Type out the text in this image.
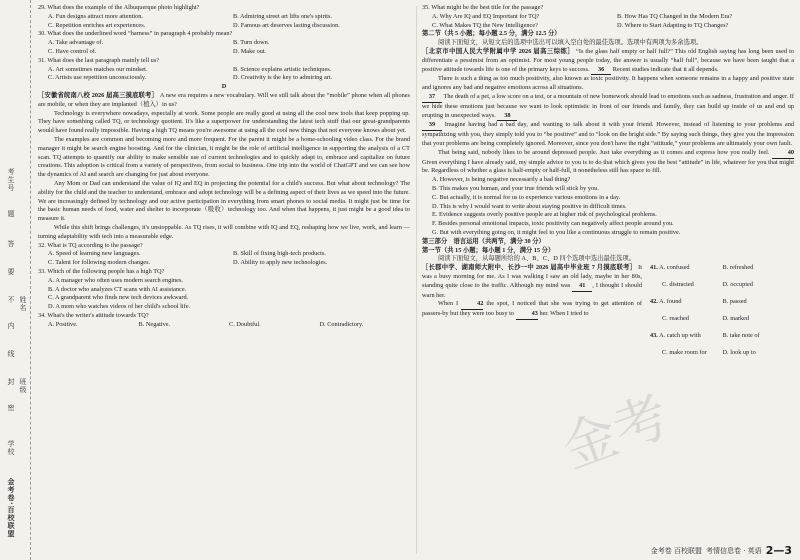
考生号
题
答
要
不
内
线
封
密
姓名
班级
学校
金考卷·百校联盟

29. What does the example of the Albuquerque photo highlight?

A. Fun designs attract more attention.	B. Admiring street art lifts one's spirits.
C. Repetition enriches art experiences.	D. Famous art deserves lasting discussion.

30. What does the underlined word “harness” in paragraph 4 probably mean?

A. Take advantage of.	B. Turn down.
C. Have control of.	D. Make out.

31. What does the last paragraph mainly tell us?

A. Art sometimes matches our mindset.	B. Science explains artistic techniques.
C. Artists use repetition unconsciously.	D. Creativity is the key to admiring art.
D

［安徽省皖南八校 2026 届高三摸底联考］ A new era requires a new vocabulary. Will we still talk about the “mobile” phone when all phones are mobile, or when they are implanted（植入）in us?

Technology is everywhere nowadays, especially at work. Some people are really good at using all the cool new tools that keep popping up. They have something called TQ, or technology quotient. It's like a superpower for understanding the latest tech stuff that our great-grandparents would have found really impossible. Having a high TQ means you're awesome at using all the cool new things that not everyone knows about yet.

The examples are common and becoming more and more frequent. For the parent it might be a home-schooling video class. For the brand manager it might be search engine boosting. And for the clinician, it might be the role of artificial intelligence in supporting the analysis of a CT scan. TQ attempts to quantify our ability to make sensible use of current technologies and to quickly adapt to, embrace and capitalize on future creations. This adoption is critical from a variety of perspectives, from social to business. One trip into the world of ChatGPT and we can see how the dynamics of AI and search are changing for just about everyone.

Any Mom or Dad can understand the value of IQ and EQ in projecting the potential for a child's success. But what about technology? The ability for the child and the teacher to understand, embrace and adopt technology will be a defining aspect of their lives as we speed into the future. We are increasingly defined by technology and our active participation in everything from smart phones to social media. It might just be time for the basic human needs of food, water and shelter to incorporate（吸收）technology too. And when that happens, it just might be a good idea to measure it.

While this shift brings challenges, it's unstoppable. As TQ rises, it will combine with IQ and EQ, reshaping how we live, work, and learn — turning adaptability with tech into a measurable edge.

32. What is TQ according to the passage?

A. Speed of learning new languages.	B. Skill of fixing high-tech products.
C. Talent for following modern changes.	D. Ability to apply new technologies.

33. Which of the following people has a high TQ?

A. A manager who often uses modern search engines.
B. A doctor who analyzes CT scans with AI assistance.
C. A grandparent who finds new tech devices awkward.
D. A mom who watches videos of her child's school life.

34. What's the writer's attitude towards TQ?

A. Positive.	B. Negative.	C. Doubtful.	D. Contradictory.

35. What might be the best title for the passage?

A. Why Are IQ and EQ Important for TQ?	B. How Has TQ Changed in the Modern Era?
C. What Makes TQ the New Intelligence?	D. Where to Start Adapting to TQ Changes?

第二节（共 5 小题；每小题 2.5 分，满分 12.5 分）

阅读下面短文，从短文后的选项中选出可以填入空白处的最佳选项。选项中有两项为多余选项。

［北京市中国人民大学附属中学 2026 届高三综练］ “Is the glass half empty or half full?” This old English saying has long been used to differentiate a pessimist from an optimist. For most young people today, the answer is usually “half full”, because we have been taught that a positive attitude towards life is one of the primary keys to success. 36 Recent studies indicate that it all depends.

There is such a thing as too much positivity, also known as toxic positivity. It happens when someone remains in a happy and positive state and ignores any bad and negative emotions across all situations.

37 The death of a pet, a low score on a test, or a mountain of new homework should lead to emotions such as sadness, frustration and anger. If we hide these emotions just because we want to look optimistic in front of our friends and family, they can build up inside of us and end up erupting in unexpected ways. 38

39 Imagine having had a bad day, and wanting to talk about it with your friend. However, instead of listening to your problems and sympathizing with you, they simply told you to “be positive” and to “look on the bright side.” By saying such things, they give you the impression that your problems are being completely ignored. Moreover, since you don't have the right “attitude,” your problems are ultimately your own fault.

That being said, nobody likes to be around depressed people. Just take everything as it comes and express how you really feel.	40 Given everything I have already said, my simple advice to you is to do that which gives you the best “attitude” in life, whatever for you that might be. Regardless of whether a glass is half-empty or half-full, it nonetheless still has space to fill.

A. However, is being negative necessarily a bad thing?
B. This makes you human, and your true friends will stick by you.
C. But actually, it is normal for us to experience various emotions in a day.
D. This is why I would want to write about staying positive in difficult times.
E. Evidence suggests overly positive people are at higher risk of psychological problems.
F. Besides personal emotional impacts, toxic positivity can negatively affect people around you.
G. But with everything going on, it might feel to you like a continuous struggle to remain positive.

第三部分　语言运用（共两节，满分 30 分）

第一节（共 15 小题；每小题 1 分，满分 15 分）

阅读下面短文，从每题所给的 A、B、C、D 四个选项中选出最佳选项。

［长郡中学、湖南师大附中、长沙一中 2026 届高中毕业班 7 月摸底联考］ It was a busy morning for me. As I was walking I saw an old lady, maybe in her 80s, standing quite close to the traffic. Although my mind was 41 , I thought I should warn her.

When I	42 the spot, I noticed that she was trying to get attention of passers-by but they were too busy to	43 her. When I tried to

41. A. confused	B. refreshed
C. distracted	D. occupied
42. A. found	B. passed
C. reached	D. marked
43. A. catch up with	B. take note of
C. make room for	D. look up to
金考
金考卷 百校联盟 考情信息卷 · 英语 2—3
